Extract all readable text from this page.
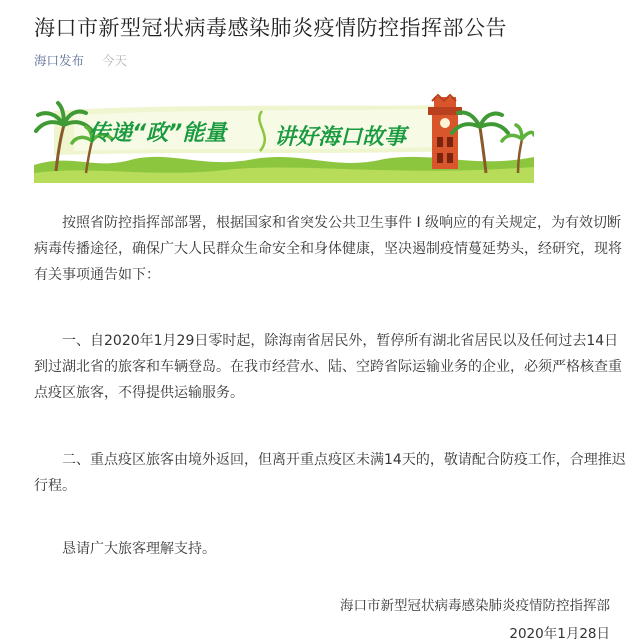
海口市新型冠状病毒感染肺炎疫情防控指挥部公告
海口发布 今天
传递“政”能量 讲好海口故事

按照省防控指挥部部署，根据国家和省突发公共卫生事件 I 级响应的有关规定，为有效切断病毒传播途径，确保广大人民群众生命安全和身体健康，坚决遏制疫情蔓延势头，经研究，现将有关事项通告如下：

一、自2020年1月29日零时起，除海南省居民外，暂停所有湖北省居民以及任何过去14日到过湖北省的旅客和车辆登岛。在我市经营水、陆、空跨省际运输业务的企业，必须严格核查重点疫区旅客，不得提供运输服务。

二、重点疫区旅客由境外返回，但离开重点疫区未满14天的，敬请配合防疫工作，合理推迟行程。

恳请广大旅客理解支持。

海口市新型冠状病毒感染肺炎疫情防控指挥部
2020年1月28日
